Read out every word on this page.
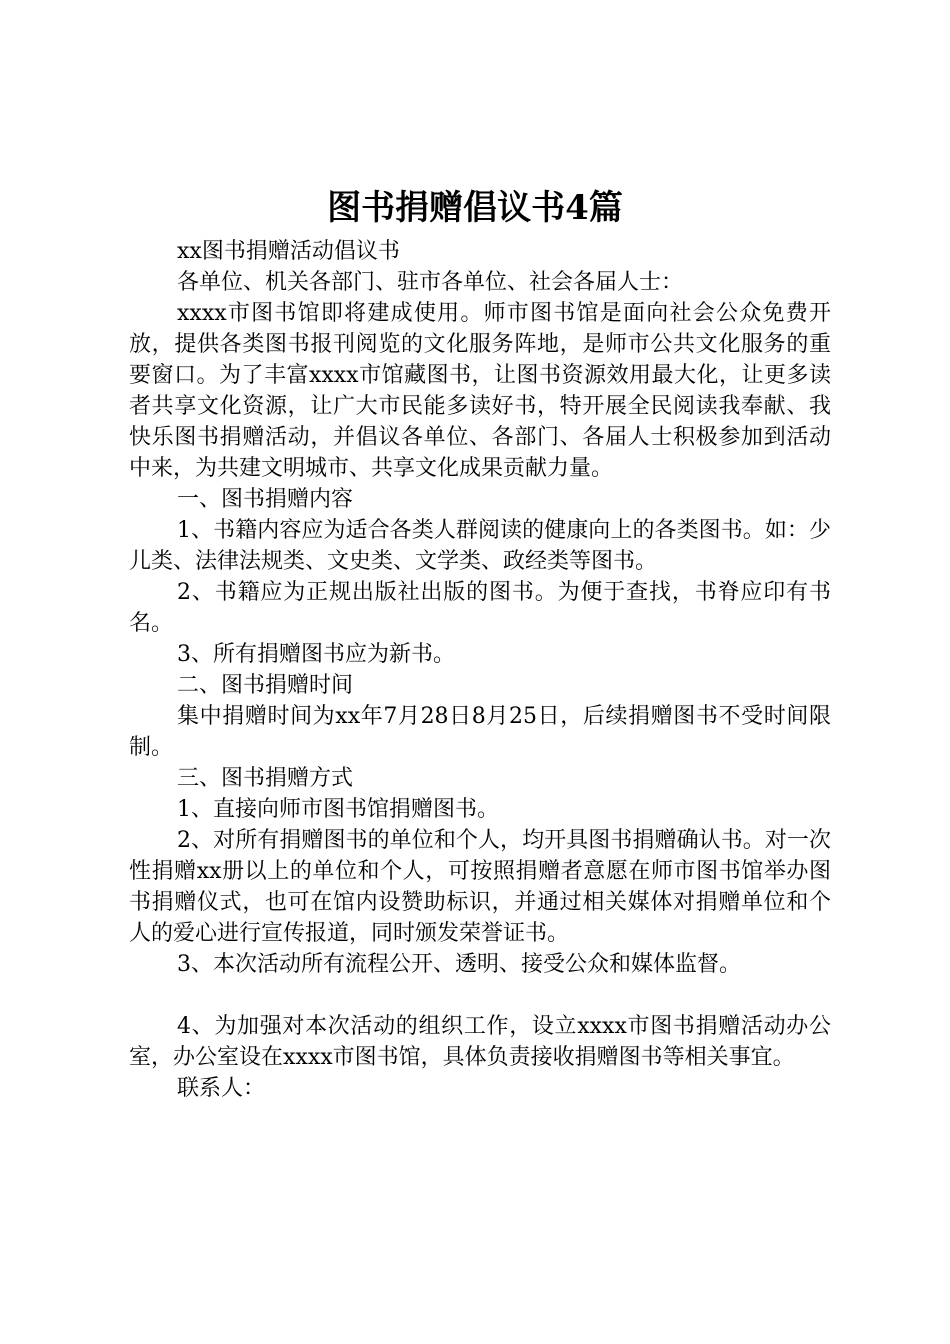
图书捐赠倡议书4篇

xx图书捐赠活动倡议书

各单位、机关各部门、驻市各单位、社会各届人士：

xxxx市图书馆即将建成使用。师市图书馆是面向社会公众免费开放，提供各类图书报刊阅览的文化服务阵地，是师市公共文化服务的重要窗口。为了丰富xxxx市馆藏图书，让图书资源效用最大化，让更多读者共享文化资源，让广大市民能多读好书，特开展全民阅读我奉献、我快乐图书捐赠活动，并倡议各单位、各部门、各届人士积极参加到活动中来，为共建文明城市、共享文化成果贡献力量。

一、图书捐赠内容

1、书籍内容应为适合各类人群阅读的健康向上的各类图书。如：少儿类、法律法规类、文史类、文学类、政经类等图书。

2、书籍应为正规出版社出版的图书。为便于查找，书脊应印有书名。

3、所有捐赠图书应为新书。

二、图书捐赠时间

集中捐赠时间为xx年7月28日8月25日，后续捐赠图书不受时间限制。

三、图书捐赠方式

1、直接向师市图书馆捐赠图书。

2、对所有捐赠图书的单位和个人，均开具图书捐赠确认书。对一次性捐赠xx册以上的单位和个人，可按照捐赠者意愿在师市图书馆举办图书捐赠仪式，也可在馆内设赞助标识，并通过相关媒体对捐赠单位和个人的爱心进行宣传报道，同时颁发荣誉证书。

3、本次活动所有流程公开、透明、接受公众和媒体监督。

4、为加强对本次活动的组织工作，设立xxxx市图书捐赠活动办公室，办公室设在xxxx市图书馆，具体负责接收捐赠图书等相关事宜。

联系人：
